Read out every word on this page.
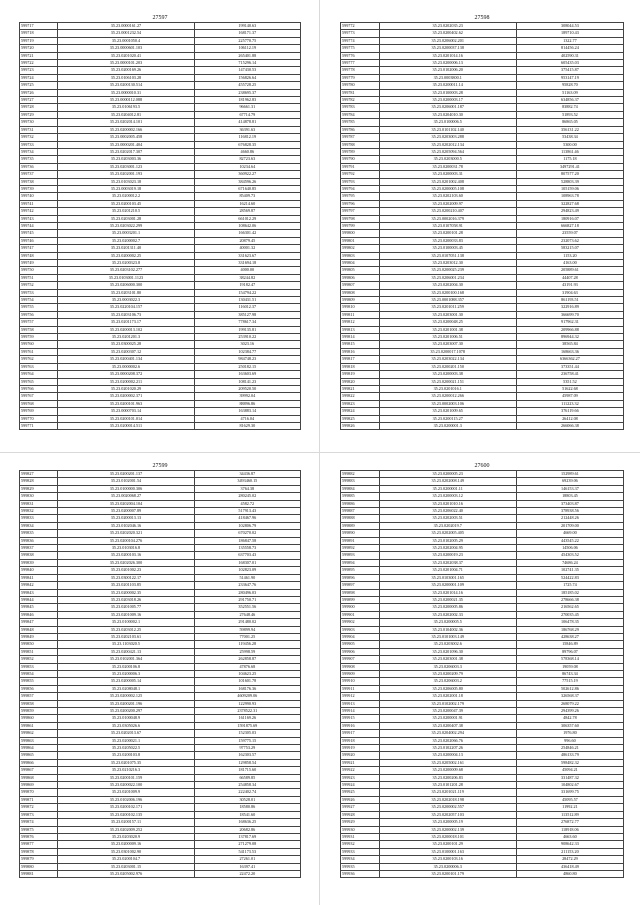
27597
599717	35.23.0000161.27	199140.63
599718	35.23.0001232.54	168171.37
599719	35.23.0001050.4	225770.75
599720	35.23.0000601.103	106112.19
599721	35.23.0201020.41	265401.88
599722	35.23.0000101.203	715296.14
599723	35.23.0200169.26	147430.53
599724	35.23.0106103.28	156826.64
599725	35.23.0200130.514	455728.25
599726	35.23.0000010.31	238695.37
599727	35.23.0000112.088	181962.83
599728	35.23.0106193.5	96661.31
599729	35.23.0204012.81	67714.79
599730	35.23.0202014.101	414878.81
599731	35.23.0200002.166	36391.63
599732	35.23.0002005.458	116812.19
599733	35.23.0000201.404	676828.35
599734	35.23.0202017.307	4660.86
599735	35.23.0203003.36	82723.63
599736	35.23.0203001.123	10234.64
599737	35.23.0202001.193	360922.27
599738	35.23.0103023.18	384596.26
599739	35.23.0003019.18	671640.85
599740	35.23.0200012.2	85409.73
599741	35.23.0200103.45	16214.60
599742	35.23.0201210.5	28569.87
599743	35.23.0203001.28	661012.29
599744	35.23.0203022.299	108642.06
599745	35.23.0003201.1	166301.42
599746	35.23.0200002.7	20879.45
599747	35.23.0201311.40	40001.32
599748	35.23.0200002.25	331623.67
599749	35.23.0200323.8	331694.18
599750	35.23.0203102.277	4000.00
599751	35.23.0103001.1123	38244.82
599752	35.23.0206000.300	19182.47
599753	35.23.0203101.80	154794.22
599754	35.23.0003022.3	130431.51
599755	35.23.0220104.157	116012.37
599756	35.23.0203106.73	385127.98
599757	35.23.0201173.17	778617.34
599758	35.23.0200013.102	199135.81
599759	35.23.0201201.3	253910.22
599760	35.23.0300025.28	3023.16
599761	35.23.0200307.12	102384.77
599762	35.23.0200401.134	984748.23
599763	35.23.0000002.6	250182.15
599764	35.23.0000208.372	163603.69
599765	35.23.0200002.211	108141.23
599766	35.23.0201020.29	209520.50
599767	35.23.0200002.371	39992.04
599768	35.23.0200101.963	88896.86
599769	35.23.0000703.14	163883.14
599770	35.23.0200101.014	4716.04
599771	35.23.0200014.511	81629.30
27598
599772	35.23.0202035.23	308044.53
599773	35.23.0200402.62	189710.43
599774	35.23.0206002.201	1322.77
599775	35.23.0200037.138	814456.24
599776	35.23.0201014.16	402590.31
599777	35.23.0200006.13	605435.03
599778	35.23.0102006.20	375415.87
599779	35.23.0003800.1	953147.19
599780	35.23.0200011.14	95828.70
599781	35.23.0100003.28	51163.09
599782	35.23.0200003.17	634856.37
599783	35.23.0206001.187	83882.74
599784	35.23.0204010.30	51893.52
599785	35.23.0100006.5	86865.05
599786	35.23.0101102.140	356131.22
599787	35.23.0203003.288	53438.34
599788	35.23.0202012.134	5300.00
599789	35.23.0205094.564	113861.46
599790	35.23.0203000.5	1175.18
599791	35.23.0200031.78	3497291.41
599792	35.23.0200003.31	807577.20
599793	35.23.0201002.408	528803.39
599794	35.23.0200005.108	105159.06
599795	35.23.0202103.60	108963.78
599796	35.23.0202009.97	322827.68
599797	35.23.0200210.407	294823.49
599798	35.23.0002016.379	180916.07
599799	35.23.0107058.91	666827.18
599800	35.23.0200101.28	23559.07
599801	35.23.0200033.83	232073.62
599802	35.23.0100003.45	583215.07
599803	35.23.0107051.138	1153.20
599804	35.23.0203012.30	4163.00
599805	35.23.0200025.239	205889.61
599806	35.23.0206001.234	44407.28
599807	35.23.0202004.30	43191.93
599808	35.23.0200100.168	31904.63
599809	35.23.0001088.357	861193.51
599810	35.23.0201011.259	322916.89
599811	35.23.0203001.30	366699.70
599812	35.23.0200048.25	917962.31
599813	35.23.0201001.38	209966.88
599814	35.23.0201006.51	896944.32
599815	35.23.0203007.30	38565.84
599816	35.23.0200017.1078	168663.36
599817	35.23.0203022.134	6366362.27
599818	35.23.0200201.150	373351.44
599819	35.23.0200003.38	236758.41
599820	35.23.0200021.151	5351.52
599821	35.23.0201016.1	51622.68
599822	35.23.0200012.266	45987.09
599823	35.23.0002003.106	111223.32
599824	35.23.0201009.65	376119.66
599825	35.23.0200115.27	26412.08
599826	35.23.0200001.3	266066.38
27599
599827	35.23.0200201.137	34436.87
599828	35.23.0102001.54	3493460.15
599829	35.23.0100000.306	3764.38
599830	35.23.0020068.27	280245.02
599831	35.23.0202004.104	4582.72
599832	35.23.0200007.89	517913.43
599833	35.23.0200013.13	418467.96
599834	35.23.0102046.16	102806.79
599835	35.23.0202020.321	670270.02
599836	35.23.0200104.276	186847.58
599837	35.23.0103016.8	135558.73
599838	35.23.0200103.16	637703.43
599839	35.23.0202026.300	168307.01
599840	35.23.0201002.23	102823.09
599841	35.23.0300122.17	51461.90
599842	35.23.0201103.85	233647.76
599843	35.23.0200002.35	280496.03
599844	35.23.0203018.26	291750.71
599845	35.23.0201005.77	352551.56
599846	35.23.0201009.16	27648.46
599847	35.23.0100002.1	291480.02
599848	35.23.0203012.25	59899.94
599849	35.23.0202103.61	77001.25
599850	35.23.1103020.5	119456.28
599851	35.23.0200421.13	25998.59
599852	35.23.0102001.364	262858.87
599853	35.23.0200106.8	47876.68
599854	35.23.0200006.3	104623.25
599855	35.23.0200005.14	101601.78
599856	35.23.0208048.1	168176.36
599857	35.23.0200002.125	4609209.06
599858	35.23.0200201.196	122990.93
599859	35.23.0200200.297	2378522.31
599860	35.23.0100048.9	161169.26
599861	35.23.0305026.6	1591875.69
599862	35.23.0202013.67	152305.03
599863	35.23.0200021.1	159775.15
599864	35.23.0205022.5	97753.29
599865	35.23.0200103.8	162303.57
599866	35.23.0201075.35	129858.54
599867	35.23.0210216.3	181715.60
599868	35.23.0200101.159	66589.85
599869	35.23.0200022.100	254858.34
599870	35.23.0201009.9	222402.74
599871	35.23.0102006.196	30528.01
599872	35.23.0200102.171	18580.86
599873	35.23.0200102.135	18541.60
599874	35.23.0200157.11	168636.25
599875	35.23.0202009.252	20682.86
599876	35.23.0203020.9	137817.69
599877	35.23.0200009.16	271279.08
599878	35.23.0301002.90	541173.53
599879	35.23.0200104.7	27261.01
599880	35.23.0203001.15	16397.41
599881	35.23.0205002.976	22472.20
27600
599882	35.23.0200005.23	152989.61
599883	35.23.0202008.149	69239.06
599884	35.23.0200001.11	146153.37
599885	35.23.0200003.12	18803.45
599886	35.23.0201010.16	373403.87
599887	35.23.0206022.40	378938.56
599888	35.23.0202003.51	212448.26
599889	35.23.0202019.7	201709.00
599890	35.23.0202005.405	4669.00
599891	35.23.0102005.29	443545.22
599892	35.23.0202004.95	14506.06
599893	35.23.0200019.23	454303.52
599894	35.23.0202038.37	74686.24
599895	35.23.0201004.71	102741.35
599896	35.23.0103001.165	524422.83
599897	35.23.0200001.109	1725.74
599898	35.23.0201014.16	185185.02
599899	35.23.0200021.35	278666.38
599900	35.23.0200005.86	216562.65
599901	35.23.0202002.33	270035.45
599902	35.23.0200005.5	106478.35
599903	35.23.0104002.36	186768.29
599904	35.23.0101003.149	428638.27
599905	35.23.0203002.6	15846.89
599906	35.23.0201096.30	89796.07
599907	35.23.0203001.38	578368.14
599908	35.23.0206003.3	19059.08
599909	35.23.0200209.79	86743.34
599910	35.23.0206003.2	77515.19
599911	35.23.0206005.80	502612.86
599912	35.23.0202001.18	326568.37
599913	35.23.0102002.179	268079.22
599914	35.23.0200047.39	294399.26
599915	35.23.0200001.91	4842.78
599916	35.23.0200407.38	306357.60
599917	35.23.0204002.294	1976.80
599918	35.23.0202066.76	996.60
599919	35.23.0102207.26	254846.21
599920	35.23.0200004.13	486133.79
599921	35.23.0205002.161	598482.32
599922	35.23.0200009.68	45094.21
599923	35.23.0200206.83	331487.32
599924	35.23.0101201.28	104802.67
599925	35.23.0201021.119	331699.75
599926	35.23.0202018.198	45095.57
599927	35.23.0200002.557	11992.21
599928	35.23.0202057.103	113512.89
599929	35.23.0200005.19	276872.77
599930	35.23.0200002.139	118918.06
599931	35.23.0200018.101	4663.60
599932	35.23.0200101.29	908642.33
599933	35.23.0100001.163	211153.20
599934	35.23.0200103.16	28472.29
599935	35.23.0200006.3	436418.49
599936	35.23.0200101.179	4860.80
